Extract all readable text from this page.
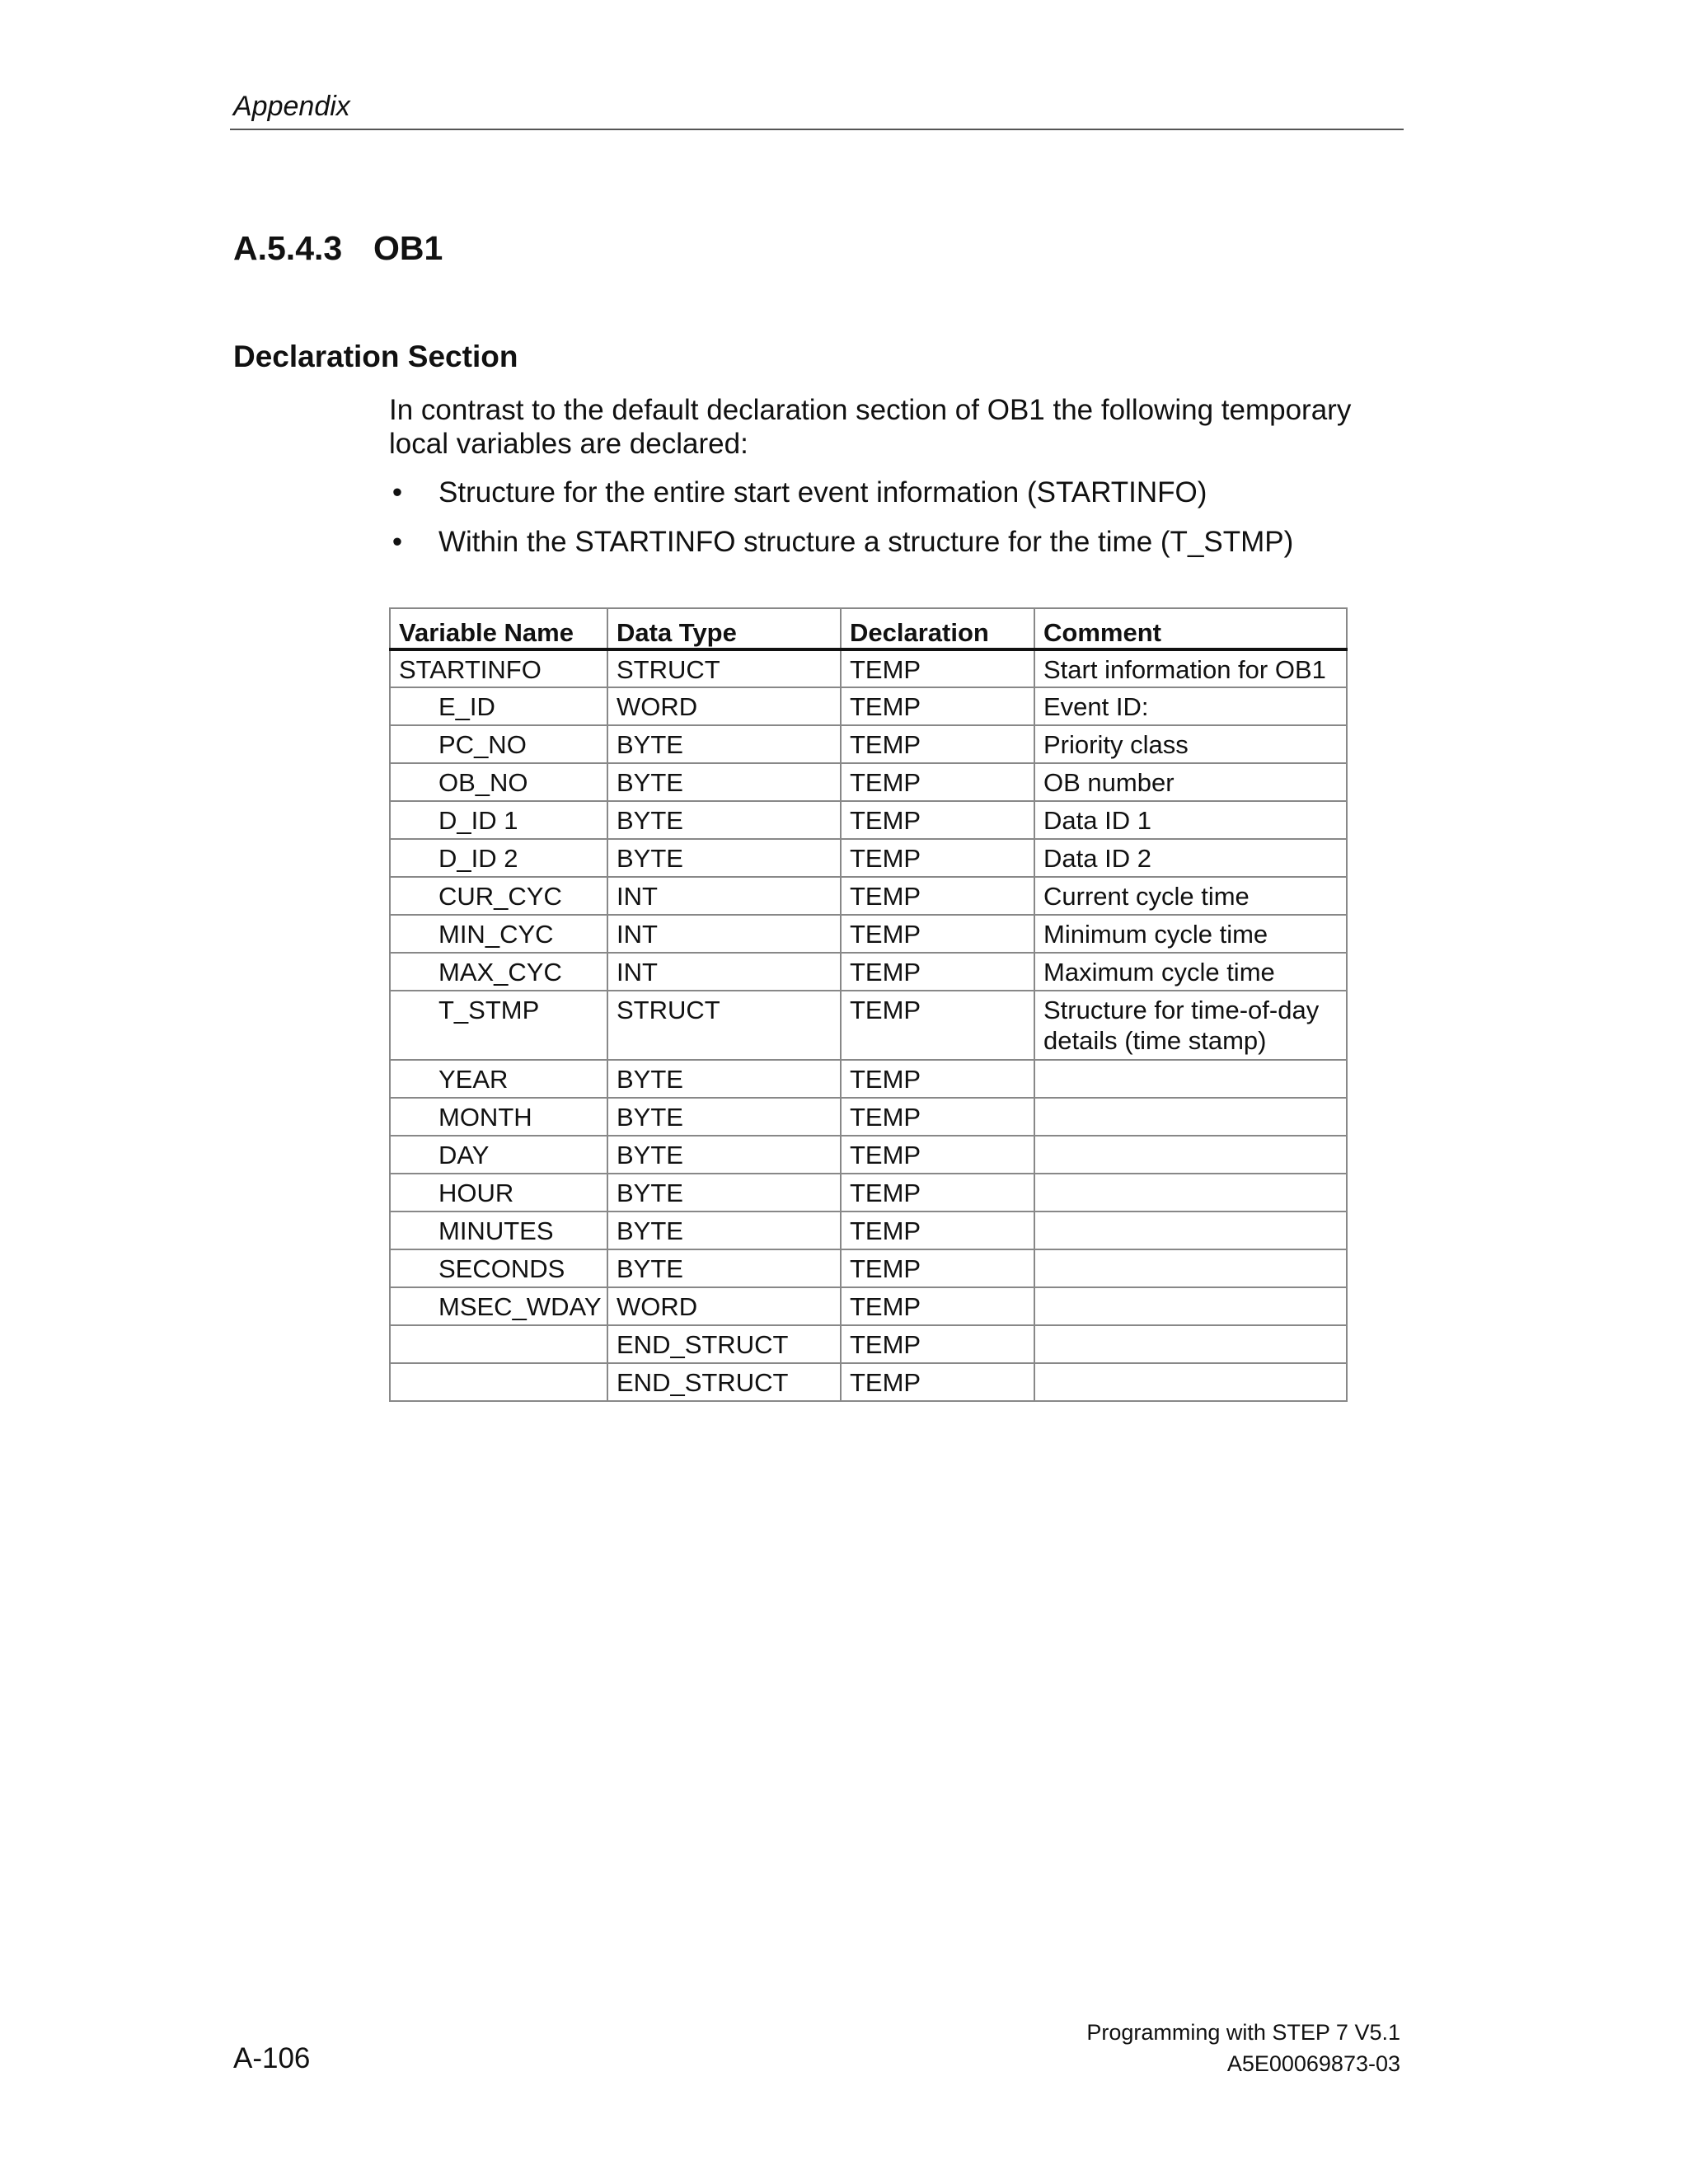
Appendix
A.5.4.3 OB1
Declaration Section
In contrast to the default declaration section of OB1 the following temporary local variables are declared:
• Structure for the entire start event information (STARTINFO)
• Within the STARTINFO structure a structure for the time (T_STMP)
Variable Name	Data Type	Declaration	Comment
STARTINFO	STRUCT	TEMP	Start information for OB1
E_ID	WORD	TEMP	Event ID:
PC_NO	BYTE	TEMP	Priority class
OB_NO	BYTE	TEMP	OB number
D_ID 1	BYTE	TEMP	Data ID 1
D_ID 2	BYTE	TEMP	Data ID 2
CUR_CYC	INT	TEMP	Current cycle time
MIN_CYC	INT	TEMP	Minimum cycle time
MAX_CYC	INT	TEMP	Maximum cycle time
T_STMP	STRUCT	TEMP	Structure for time-of-day details (time stamp)
YEAR	BYTE	TEMP	
MONTH	BYTE	TEMP	
DAY	BYTE	TEMP	
HOUR	BYTE	TEMP	
MINUTES	BYTE	TEMP	
SECONDS	BYTE	TEMP	
MSEC_WDAY	WORD	TEMP	
	END_STRUCT	TEMP	
	END_STRUCT	TEMP	
A-106
Programming with STEP 7 V5.1
A5E00069873-03
